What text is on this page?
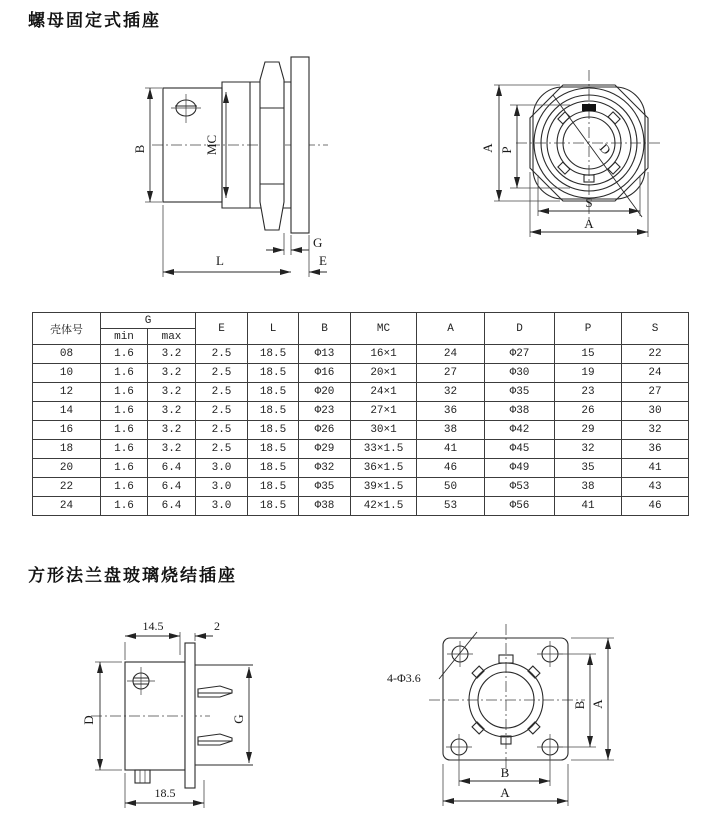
螺母固定式插座
B	MC
G
L	E
D
A P
S
A
壳体号	G		E	L	B	MC	A	D	P	S
	min	max								
08	1.6	3.2	2.5	18.5	Φ13	16×1	24	Φ27	15	22
10	1.6	3.2	2.5	18.5	Φ16	20×1	27	Φ30	19	24
12	1.6	3.2	2.5	18.5	Φ20	24×1	32	Φ35	23	27
14	1.6	3.2	2.5	18.5	Φ23	27×1	36	Φ38	26	30
16	1.6	3.2	2.5	18.5	Φ26	30×1	38	Φ42	29	32
18	1.6	3.2	2.5	18.5	Φ29	33×1.5	41	Φ45	32	36
20	1.6	6.4	3.0	18.5	Φ32	36×1.5	46	Φ49	35	41
22	1.6	6.4	3.0	18.5	Φ35	39×1.5	50	Φ53	38	43
24	1.6	6.4	3.0	18.5	Φ38	42×1.5	53	Φ56	41	46
方形法兰盘玻璃烧结插座
14.5	2
D	G
18.5
4-Φ3.6
B A
B
A
